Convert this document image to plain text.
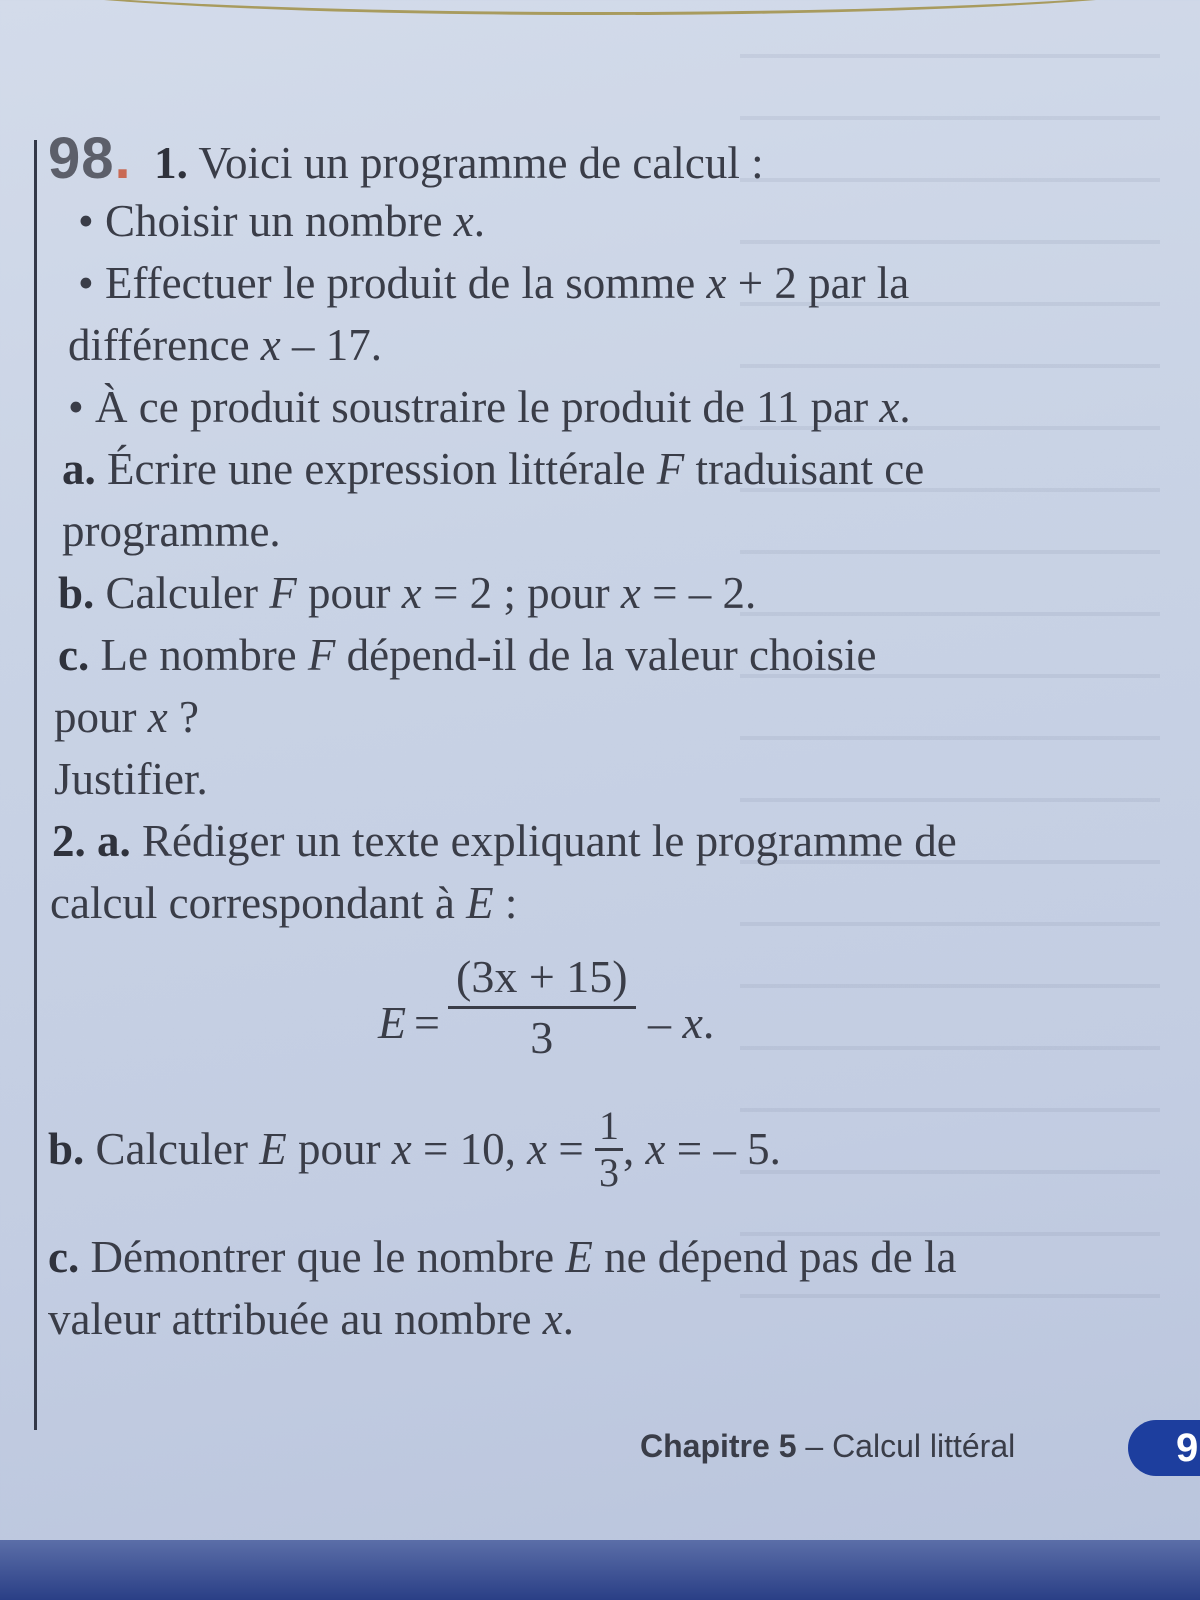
98. 1. Voici un programme de calcul :
• Choisir un nombre x.
• Effectuer le produit de la somme x + 2 par la
différence x – 17.
• À ce produit soustraire le produit de 11 par x.
a. Écrire une expression littérale F traduisant ce
programme.
b. Calculer F pour x = 2 ; pour x = – 2.
c. Le nombre F dépend-il de la valeur choisie
pour x ?
Justifier.
2. a. Rédiger un texte expliquant le programme de
calcul correspondant à E :
$E = \frac{(3x + 15)}{3} - x$.
b. Calculer E pour x = 10, $x = \frac{1}{3}$ , x = – 5.
c. Démontrer que le nombre E ne dépend pas de la
valeur attribuée au nombre x.
Chapitre 5 – Calcul littéral	9
